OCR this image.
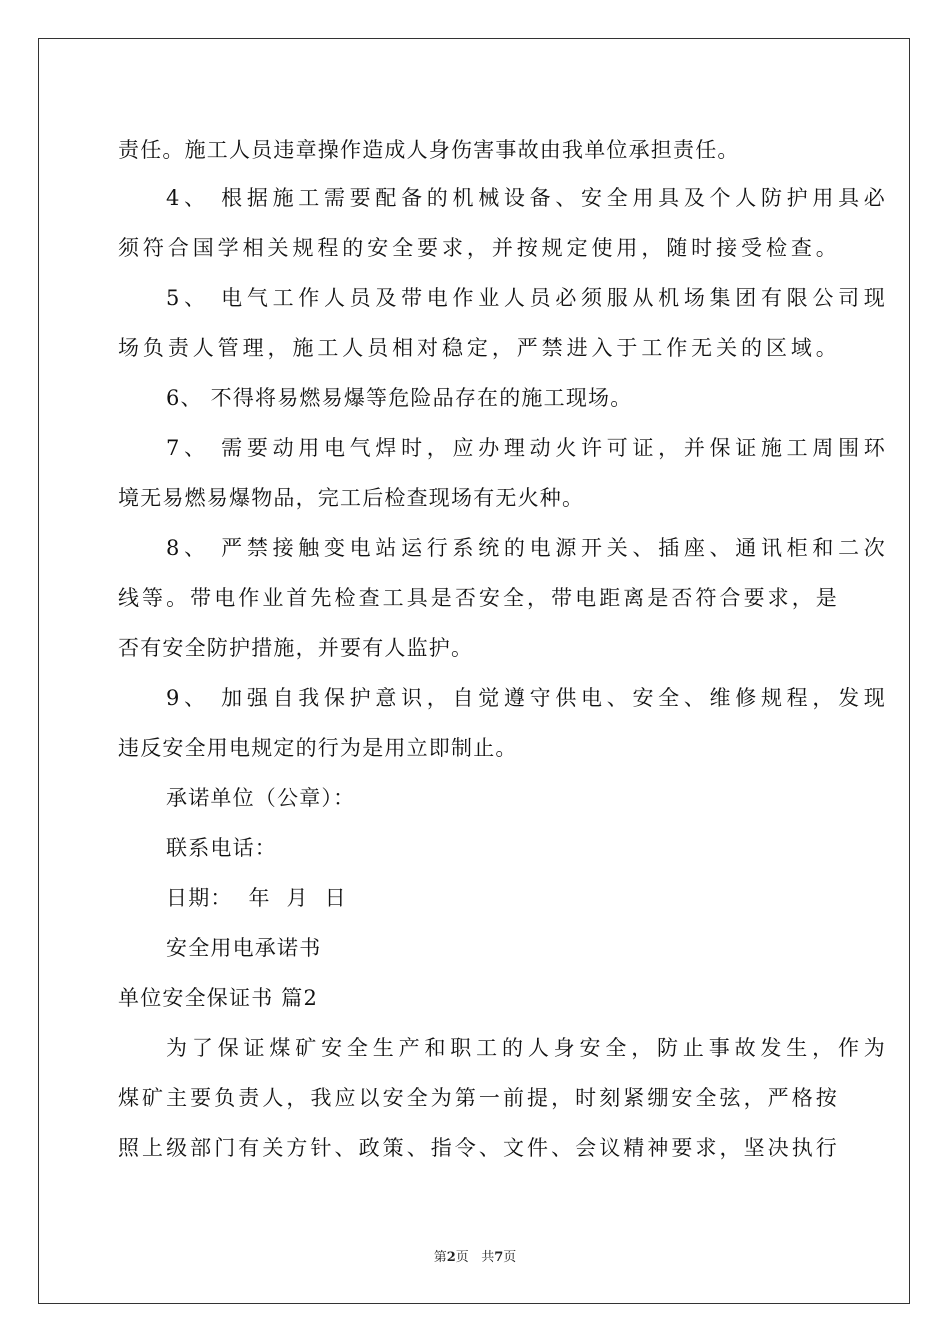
责任。施工人员违章操作造成人身伤害事故由我单位承担责任。

4、 根据施工需要配备的机械设备、安全用具及个人防护用具必

须符合国学相关规程的安全要求，并按规定使用，随时接受检查。

5、 电气工作人员及带电作业人员必须服从机场集团有限公司现

场负责人管理，施工人员相对稳定，严禁进入于工作无关的区域。

6、 不得将易燃易爆等危险品存在的施工现场。

7、 需要动用电气焊时，应办理动火许可证，并保证施工周围环

境无易燃易爆物品，完工后检查现场有无火种。

8、 严禁接触变电站运行系统的电源开关、插座、通讯柜和二次

线等。带电作业首先检查工具是否安全，带电距离是否符合要求，是

否有安全防护措施，并要有人监护。

9、 加强自我保护意识，自觉遵守供电、安全、维修规程，发现

违反安全用电规定的行为是用立即制止。

承诺单位（公章）：

联系电话：

日期： 年 月 日

安全用电承诺书

单位安全保证书 篇2

为了保证煤矿安全生产和职工的人身安全，防止事故发生，作为

煤矿主要负责人，我应以安全为第一前提，时刻紧绷安全弦，严格按

照上级部门有关方针、政策、指令、文件、会议精神要求，坚决执行

第2页 共7页
